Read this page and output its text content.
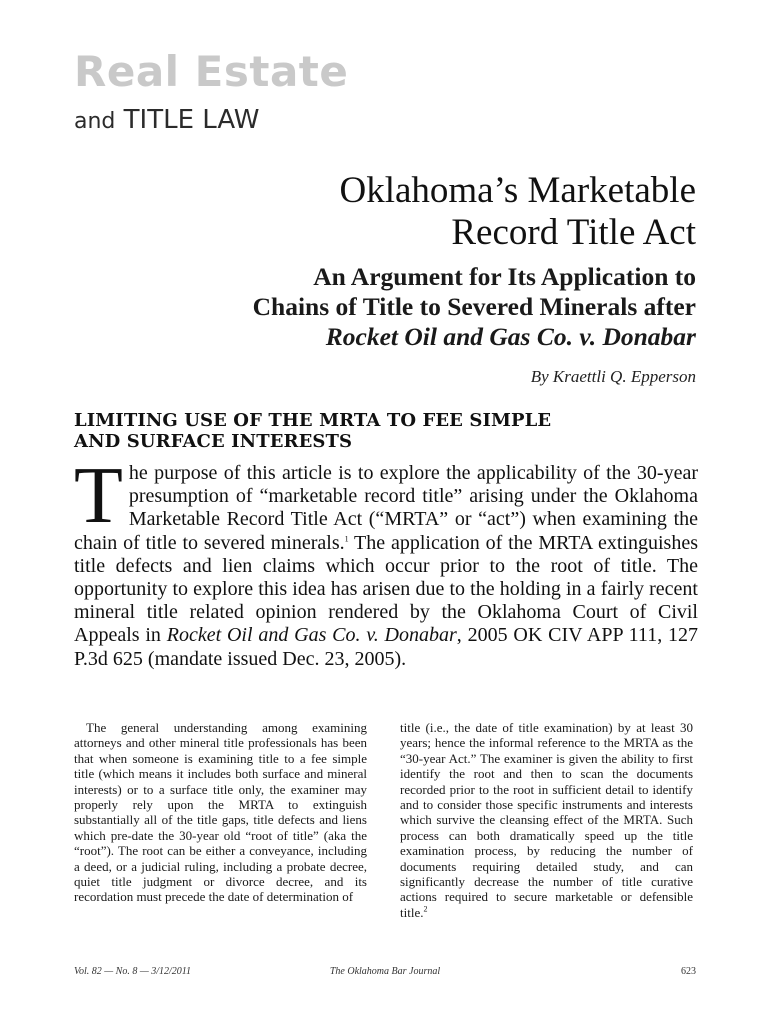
Real Estate
and TITLE LAW
Oklahoma’s Marketable
Record Title Act
An Argument for Its Application to
Chains of Title to Severed Minerals after
Rocket Oil and Gas Co. v. Donabar

By Kraettli Q. Epperson

LIMITING USE OF THE MRTA TO FEE SIMPLE
AND SURFACE INTERESTS

The purpose of this article is to explore the applicability of the 30-year presumption of “marketable record title” arising under the Oklahoma Marketable Record Title Act (“MRTA” or “act”) when examining the chain of title to severed minerals.$^1$ The application of the MRTA extinguishes title defects and lien claims which occur prior to the root of title. The opportunity to explore this idea has arisen due to the holding in a fairly recent mineral title related opinion rendered by the Oklahoma Court of Civil Appeals in Rocket Oil and Gas Co. v. Donabar, 2005 OK CIV APP 111, 127 P.3d 625 (mandate issued Dec. 23, 2005).

The general understanding among examining attorneys and other mineral title professionals has been that when someone is examining title to a fee simple title (which means it includes both surface and mineral interests) or to a surface title only, the examiner may properly rely upon the MRTA to extinguish substantially all of the title gaps, title defects and liens which pre-date the 30-year old “root of title” (aka the “root”). The root can be either a conveyance, including a deed, or a judicial ruling, including a probate decree, quiet title judgment or divorce decree, and its recordation must precede the date of determination of

title (i.e., the date of title examination) by at least 30 years; hence the informal reference to the MRTA as the “30-year Act.” The examiner is given the ability to first identify the root and then to scan the documents recorded prior to the root in sufficient detail to identify and to consider those specific instruments and interests which survive the cleansing effect of the MRTA. Such process can both dramatically speed up the title examination process, by reducing the number of documents requiring detailed study, and can significantly decrease the number of title curative actions required to secure marketable or defensible title.$^2$

Vol. 82 — No. 8 — 3/12/2011	The Oklahoma Bar Journal	623
